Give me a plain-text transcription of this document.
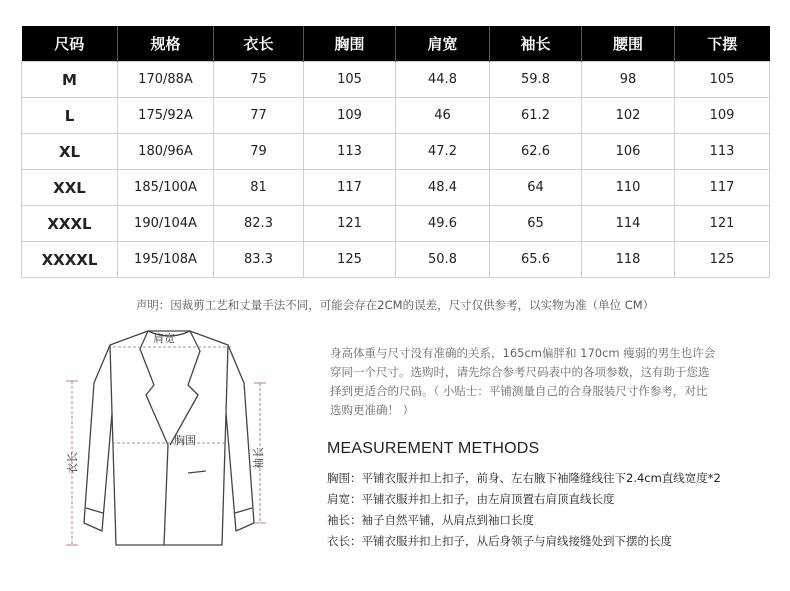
尺码	规格	衣长	胸围	肩宽	袖长	腰围	下摆
M	170/88A	75	105	44.8	59.8	98	105
L	175/92A	77	109	46	61.2	102	109
XL	180/96A	79	113	47.2	62.6	106	113
XXL	185/100A	81	117	48.4	64	110	117
XXXL	190/104A	82.3	121	49.6	65	114	121
XXXXL	195/108A	83.3	125	50.8	65.6	118	125
声明：因裁剪工艺和丈量手法不同，可能会存在2CM的误差，尺寸仅供参考，以实物为准（单位 CM）
肩宽
胸围
衣长	袖长
身高体重与尺寸没有准确的关系，165cm偏胖和 170cm 瘦弱的男生也许会
穿同一个尺寸。选购时，请先综合参考尺码表中的各项参数，这有助于您选
择到更适合的尺码。（ 小贴士：平铺测量自己的合身服装尺寸作参考，对比
选购更准确！ ）
MEASUREMENT METHODS
胸围：平铺衣服并扣上扣子，前身、左右腋下袖隆缝线往下2.4cm直线宽度*2
肩宽：平铺衣服并扣上扣子，由左肩顶置右肩顶直线长度
袖长：袖子自然平铺，从肩点到袖口长度
衣长：平铺衣服并扣上扣子，从后身领子与肩线接缝处到下摆的长度
